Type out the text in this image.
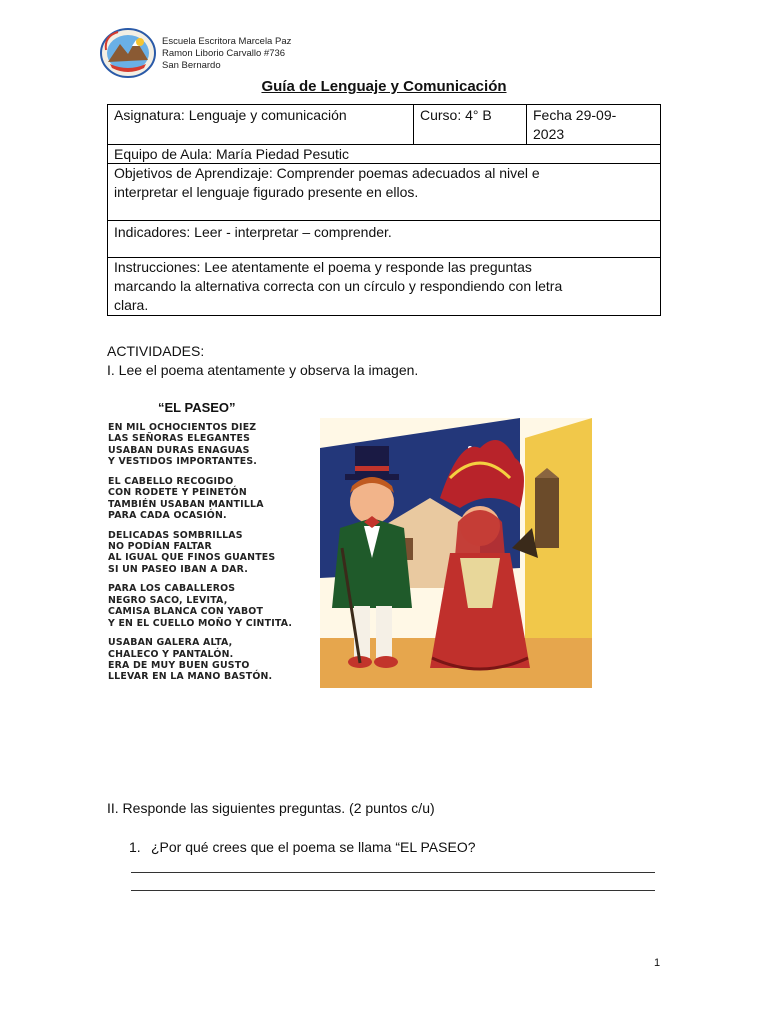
Escuela Escritora Marcela Paz
Ramon Liborio Carvallo #736
San Bernardo
Guía de Lenguaje y Comunicación
Asignatura: Lenguaje y comunicación	Curso: 4° B	Fecha 29-09-
2023
Equipo de Aula: María Piedad Pesutic
Objetivos de Aprendizaje: Comprender poemas adecuados al nivel e
interpretar el lenguaje figurado presente en ellos.
Indicadores: Leer - interpretar – comprender.
Instrucciones: Lee atentamente el poema y responde las preguntas
marcando la alternativa correcta con un círculo y respondiendo con letra
clara.
ACTIVIDADES:
I. Lee el poema atentamente y observa la imagen.
“EL PASEO”
EN MIL OCHOCIENTOS DIEZ
LAS SEÑORAS ELEGANTES
USABAN DURAS ENAGUAS
Y VESTIDOS IMPORTANTES.
EL CABELLO RECOGIDO
CON RODETE Y PEINETÓN
TAMBIÉN USABAN MANTILLA
PARA CADA OCASIÓN.
DELICADAS SOMBRILLAS
NO PODÍAN FALTAR
AL IGUAL QUE FINOS GUANTES
SI UN PASEO IBAN A DAR.
PARA LOS CABALLEROS
NEGRO SACO, LEVITA,
CAMISA BLANCA CON YABOT
Y EN EL CUELLO MOÑO Y CINTITA.
USABAN GALERA ALTA,
CHALECO Y PANTALÓN.
ERA DE MUY BUEN GUSTO
LLEVAR EN LA MANO BASTÓN.
II. Responde las siguientes preguntas. (2 puntos c/u)
1. ¿Por qué crees que el poema se llama “EL PASEO?
1
